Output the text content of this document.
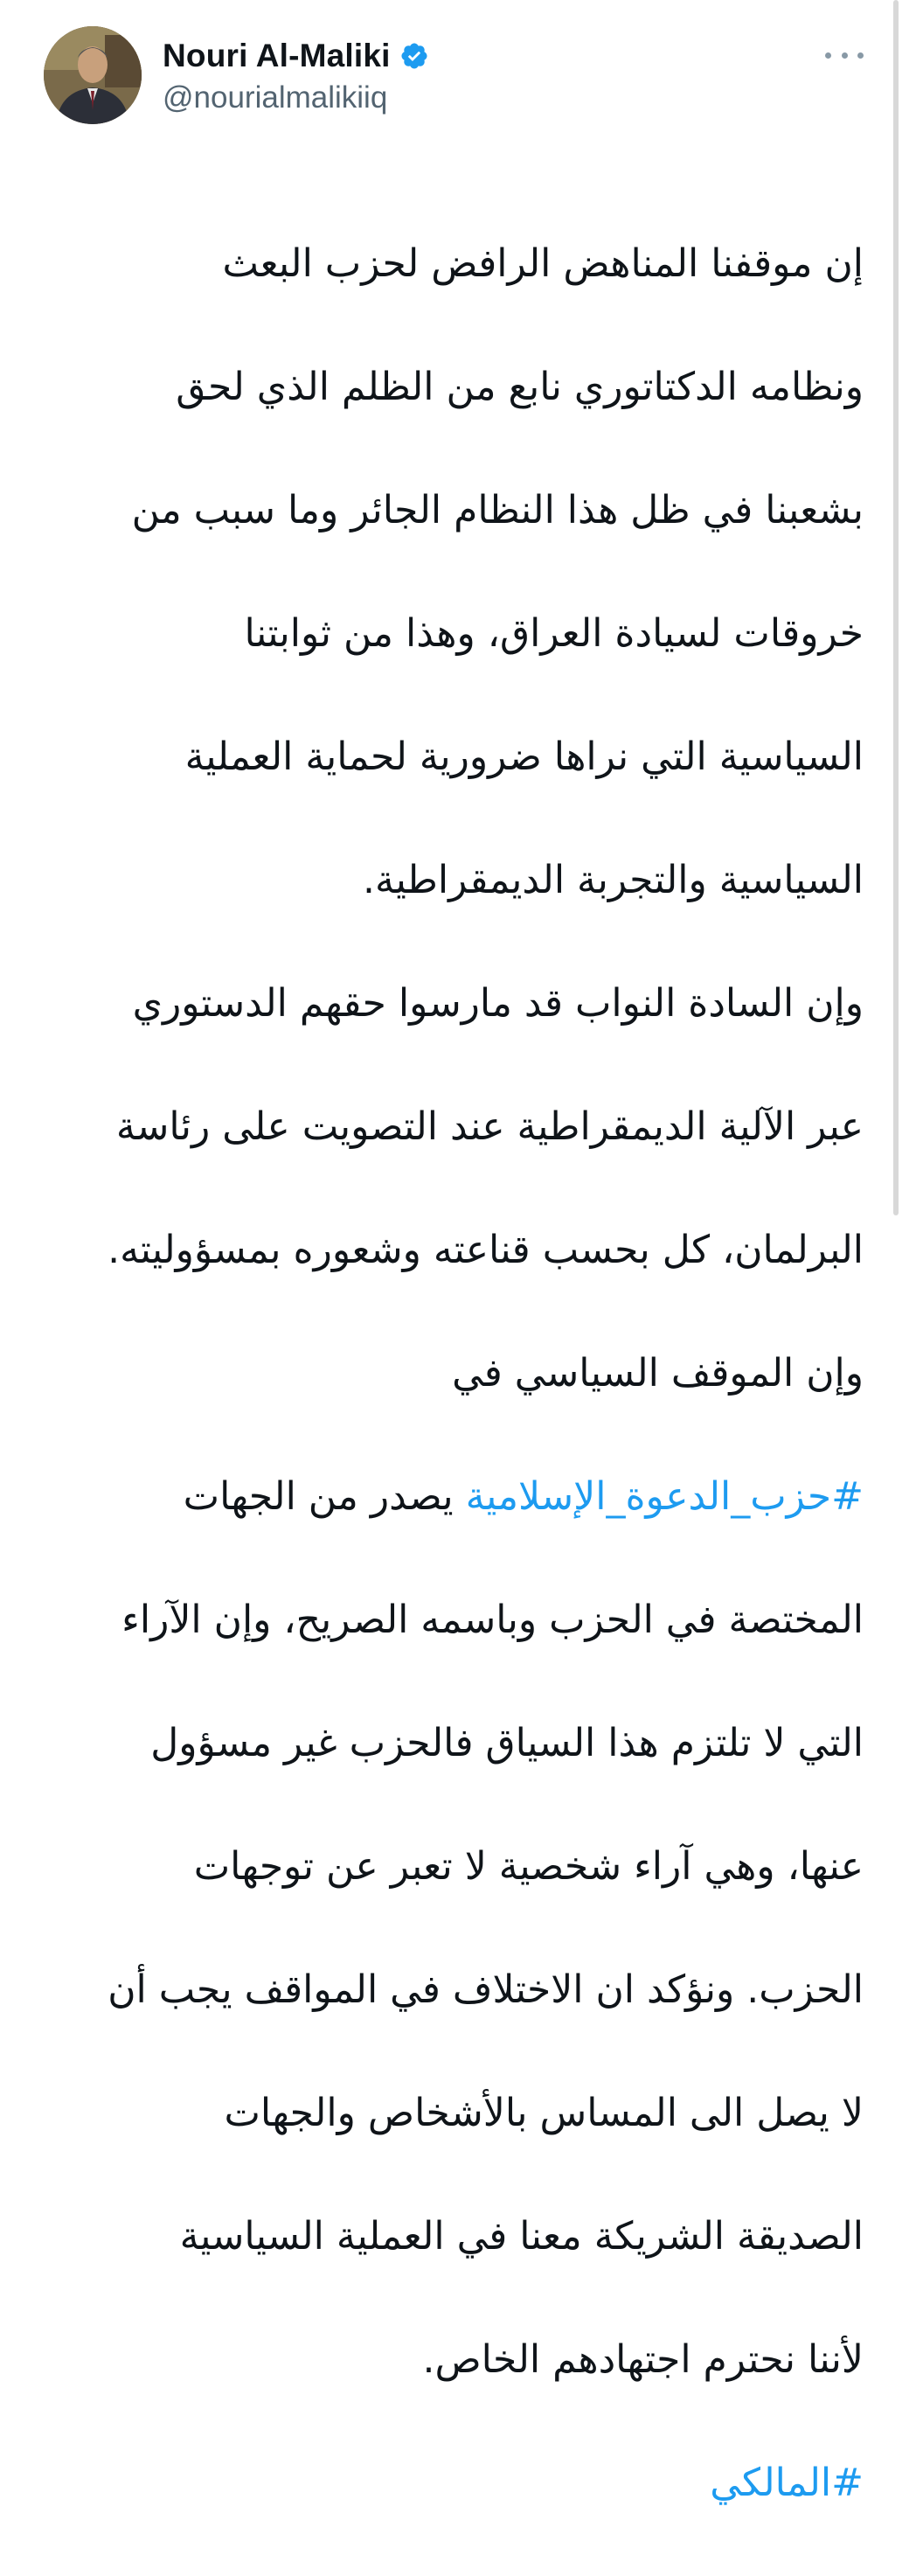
Nouri Al-Maliki
@nourialmalikiiq

إن موقفنا المناهض الرافض لحزب البعث

ونظامه الدكتاتوري نابع من الظلم الذي لحق

بشعبنا في ظل هذا النظام الجائر وما سبب من

خروقات لسيادة العراق، وهذا من ثوابتنا

السياسية التي نراها ضرورية لحماية العملية

السياسية والتجربة الديمقراطية.

وإن السادة النواب قد مارسوا حقهم الدستوري

عبر الآلية الديمقراطية عند التصويت على رئاسة

البرلمان، كل بحسب قناعته وشعوره بمسؤوليته.

وإن الموقف السياسي في

#حزب_الدعوة_الإسلامية يصدر من الجهات

المختصة في الحزب وباسمه الصريح، وإن الآراء

التي لا تلتزم هذا السياق فالحزب غير مسؤول

عنها، وهي آراء شخصية لا تعبر عن توجهات

الحزب. ونؤكد ان الاختلاف في المواقف يجب أن

لا يصل الى المساس بالأشخاص والجهات

الصديقة الشريكة معنا في العملية السياسية

لأننا نحترم اجتهادهم الخاص.

#المالكي
